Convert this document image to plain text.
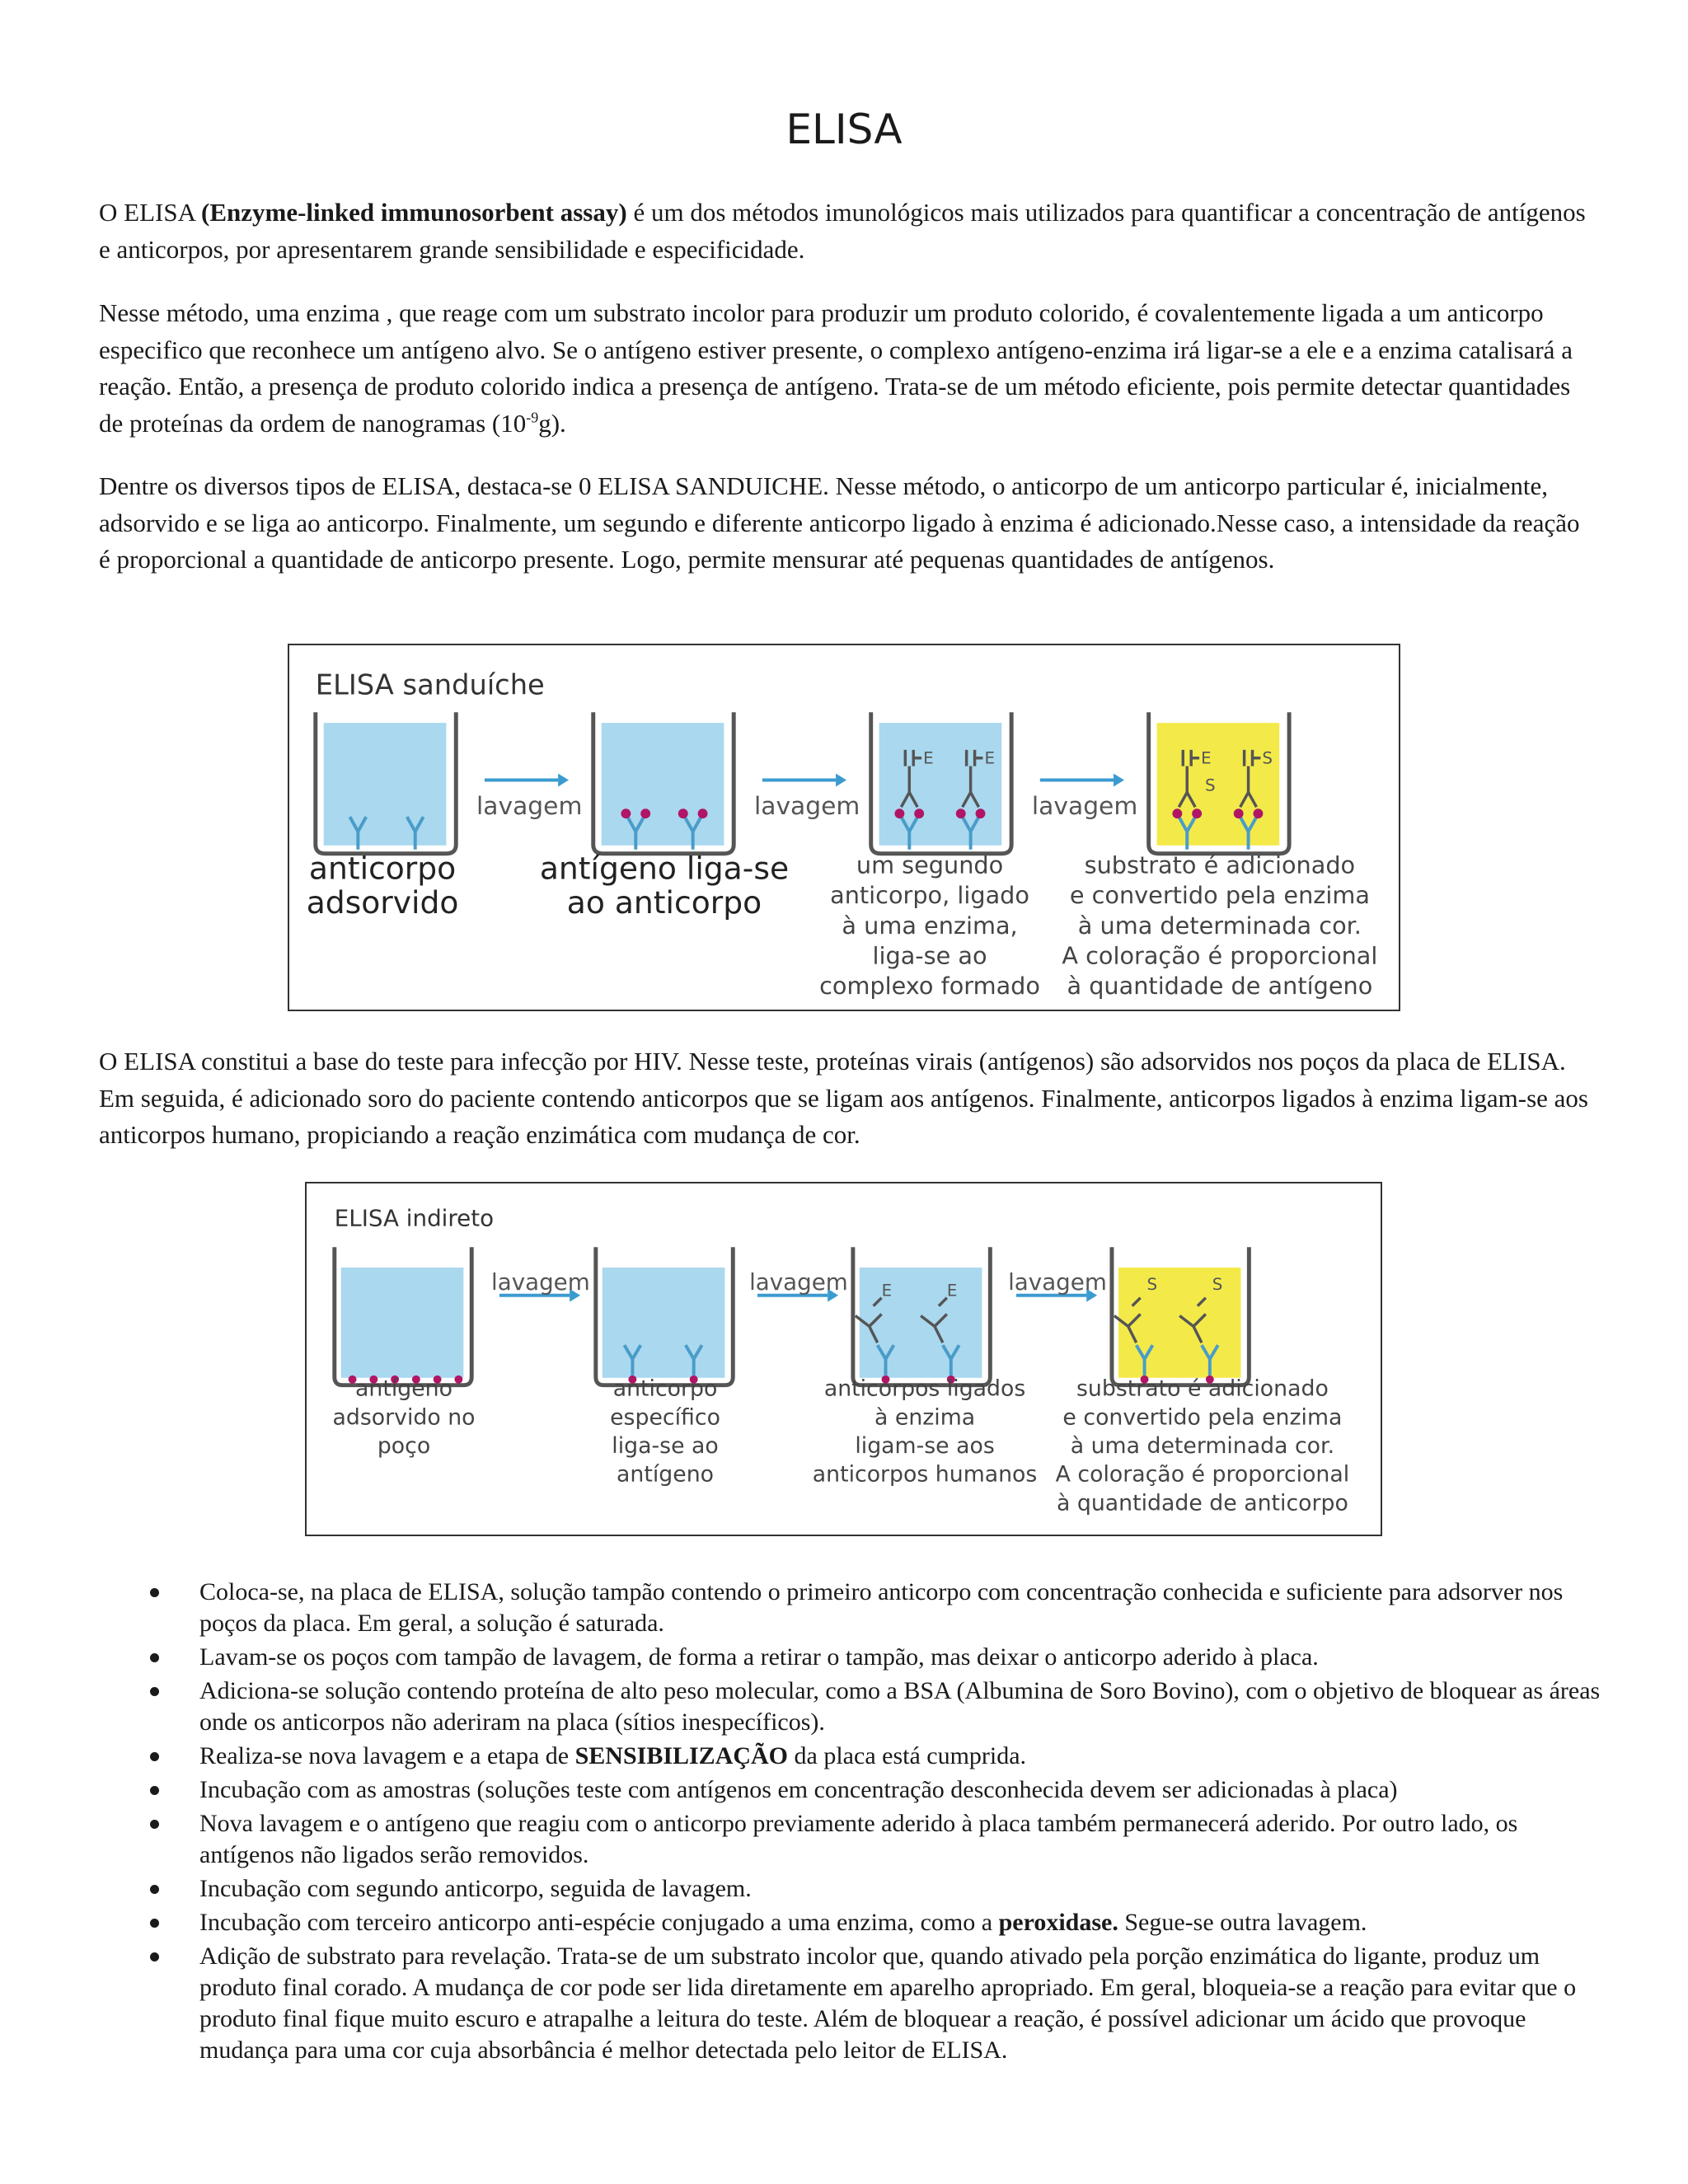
ELISA

O ELISA (Enzyme-linked immunosorbent assay) é um dos métodos imunológicos mais utilizados para quantificar a concentração de antígenos e anticorpos, por apresentarem grande sensibilidade e especificidade.

Nesse método, uma enzima , que reage com um substrato incolor para produzir um produto colorido, é covalentemente ligada a um anticorpo especifico que reconhece um antígeno alvo. Se o antígeno estiver presente, o complexo antígeno-enzima irá ligar-se a ele e a enzima catalisará a reação. Então, a presença de produto colorido indica a presença de antígeno. Trata-se de um método eficiente, pois permite detectar quantidades de proteínas da ordem de nanogramas $(10^{-9}g)$.

Dentre os diversos tipos de ELISA, destaca-se 0 ELISA SANDUICHE. Nesse método, o anticorpo de um anticorpo particular é, inicialmente, adsorvido e se liga ao anticorpo. Finalmente, um segundo e diferente anticorpo ligado à enzima é adicionado.Nesse caso, a intensidade da reação é proporcional a quantidade de anticorpo presente. Logo, permite mensurar até pequenas quantidades de antígenos.

ELISA sanduíche
lavagem	lavagem
E	E
lavagem
E
S
S
anticorpo
adsorvido
antígeno liga-se
ao anticorpo
um segundo
anticorpo, ligado
à uma enzima,
liga-se ao
complexo formado
substrato é adicionado
e convertido pela enzima
à uma determinada cor.
A coloração é proporcional
à quantidade de antígeno

O ELISA constitui a base do teste para infecção por HIV. Nesse teste, proteínas virais (antígenos) são adsorvidos nos poços da placa de ELISA. Em seguida, é adicionado soro do paciente contendo anticorpos que se ligam aos antígenos. Finalmente, anticorpos ligados à enzima ligam-se aos anticorpos humano, propiciando a reação enzimática com mudança de cor.

ELISA indireto
lavagem	lavagem E	E lavagem S	S
antígeno
adsorvido no
poço
anticorpo
específico
liga-se ao
antígeno
anticorpos ligados
à enzima
ligam-se aos
anticorpos humanos
substrato é adicionado
e convertido pela enzima
à uma determinada cor.
A coloração é proporcional
à quantidade de anticorpo
Coloca-se, na placa de ELISA, solução tampão contendo o primeiro anticorpo com concentração conhecida e suficiente para adsorver nos poços da placa. Em geral, a solução é saturada.
Lavam-se os poços com tampão de lavagem, de forma a retirar o tampão, mas deixar o anticorpo aderido à placa.
Adiciona-se solução contendo proteína de alto peso molecular, como a BSA (Albumina de Soro Bovino), com o objetivo de bloquear as áreas onde os anticorpos não aderiram na placa (sítios inespecíficos).
Realiza-se nova lavagem e a etapa de SENSIBILIZAÇÃO da placa está cumprida.
Incubação com as amostras (soluções teste com antígenos em concentração desconhecida devem ser adicionadas à placa)
Nova lavagem e o antígeno que reagiu com o anticorpo previamente aderido à placa também permanecerá aderido. Por outro lado, os antígenos não ligados serão removidos.
Incubação com segundo anticorpo, seguida de lavagem.
Incubação com terceiro anticorpo anti-espécie conjugado a uma enzima, como a peroxidase. Segue-se outra lavagem.
Adição de substrato para revelação. Trata-se de um substrato incolor que, quando ativado pela porção enzimática do ligante, produz um produto final corado. A mudança de cor pode ser lida diretamente em aparelho apropriado. Em geral, bloqueia-se a reação para evitar que o produto final fique muito escuro e atrapalhe a leitura do teste. Além de bloquear a reação, é possível adicionar um ácido que provoque mudança para uma cor cuja absorbância é melhor detectada pelo leitor de ELISA.
